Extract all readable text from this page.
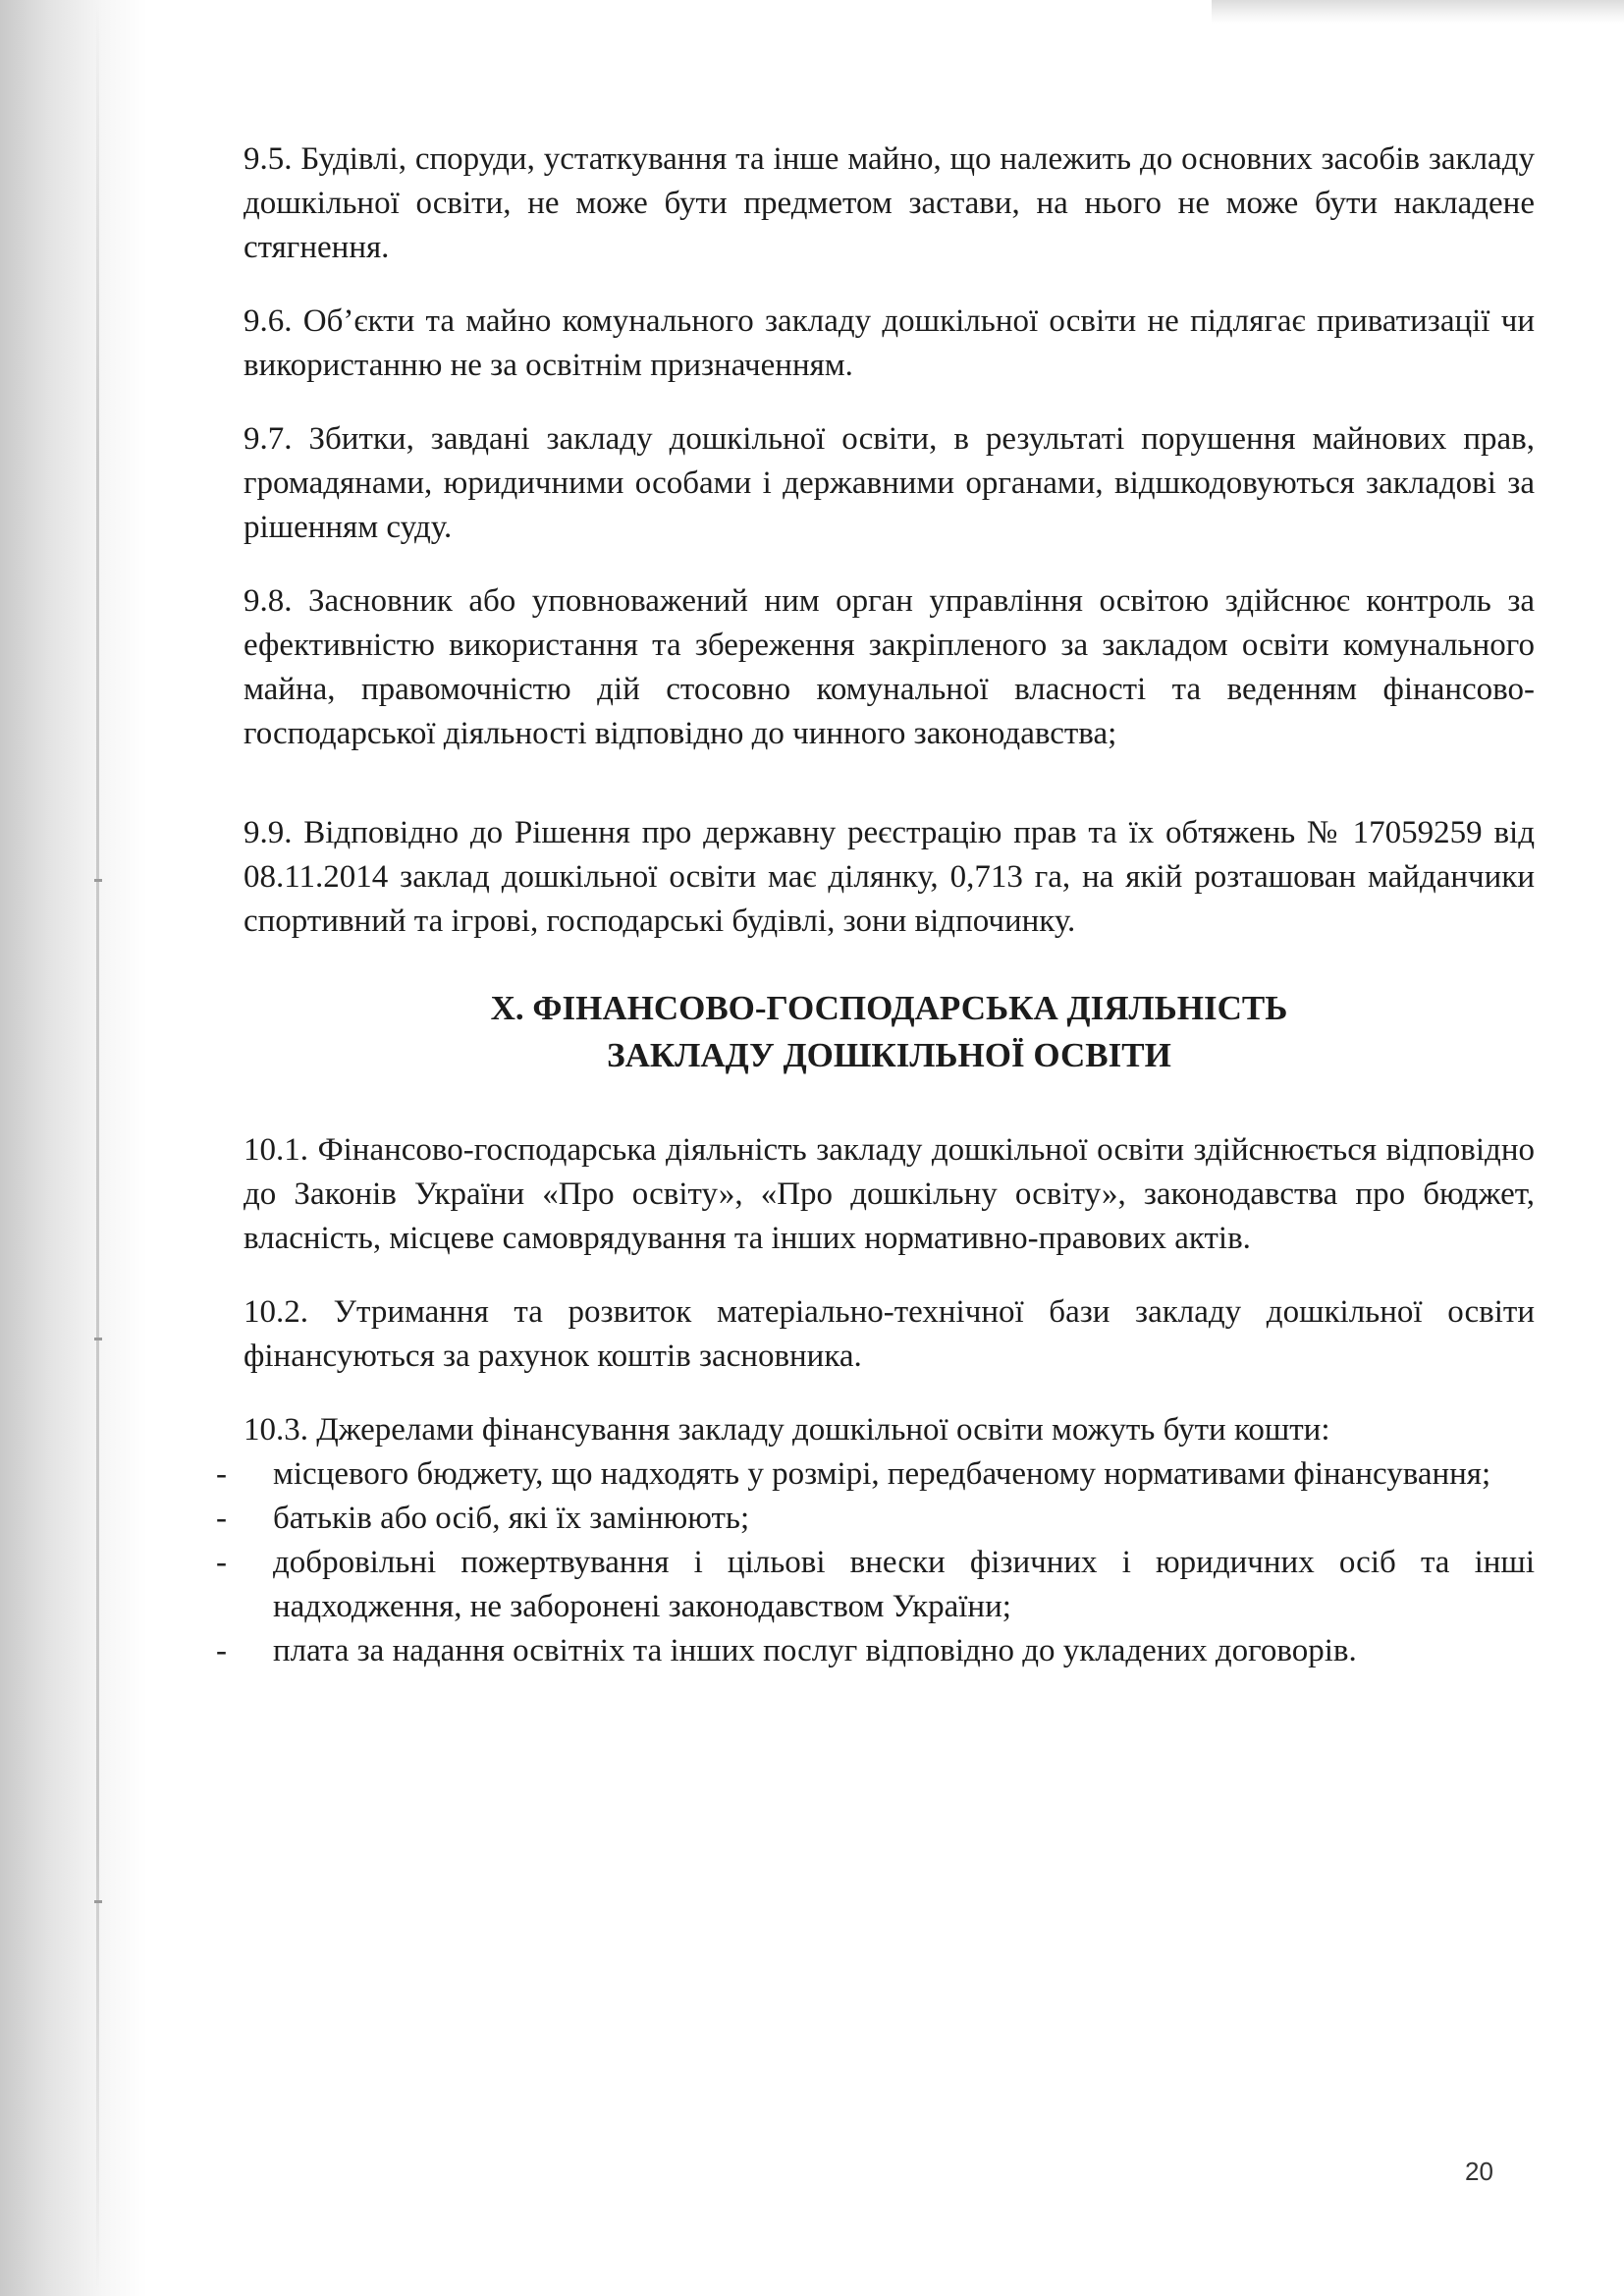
9.5. Будівлі, споруди, устаткування та інше майно, що належить до основних засобів закладу дошкільної освіти, не може бути предметом застави, на нього не може бути накладене стягнення.

9.6. Об’єкти та майно комунального закладу дошкільної освіти не підлягає приватизації чи використанню не за освітнім призначенням.

9.7. Збитки, завдані закладу дошкільної освіти, в результаті порушення майнових прав, громадянами, юридичними особами і державними органами, відшкодовуються закладові за рішенням суду.

9.8. Засновник або уповноважений ним орган управління освітою здійснює контроль за ефективністю використання та збереження закріпленого за закладом освіти комунального майна, правомочністю дій стосовно комунальної власності та веденням фінансово-господарської діяльності відповідно до чинного законодавства;

9.9. Відповідно до Рішення про державну реєстрацію прав та їх обтяжень № 17059259 від 08.11.2014 заклад дошкільної освіти має ділянку, 0,713 га, на якій розташован майданчики спортивний та ігрові, господарські будівлі, зони відпочинку.

X. ФІНАНСОВО-ГОСПОДАРСЬКА ДІЯЛЬНІСТЬ
ЗАКЛАДУ ДОШКІЛЬНОЇ ОСВІТИ

10.1. Фінансово-господарська діяльність закладу дошкільної освіти здійснюється відповідно до Законів України «Про освіту», «Про дошкільну освіту», законодавства про бюджет, власність, місцеве самоврядування та інших нормативно-правових актів.

10.2. Утримання та розвиток матеріально-технічної бази закладу дошкільної освіти фінансуються за рахунок коштів засновника.

10.3. Джерелами фінансування закладу дошкільної освіти можуть бути кошти:

- місцевого бюджету, що надходять у розмірі, передбаченому нормативами фінансування;
- батьків або осіб, які їх замінюють;
- добровільні пожертвування і цільові внески фізичних і юридичних осіб та інші надходження, не заборонені законодавством України;
- плата за надання освітніх та інших послуг відповідно до укладених договорів.
20
